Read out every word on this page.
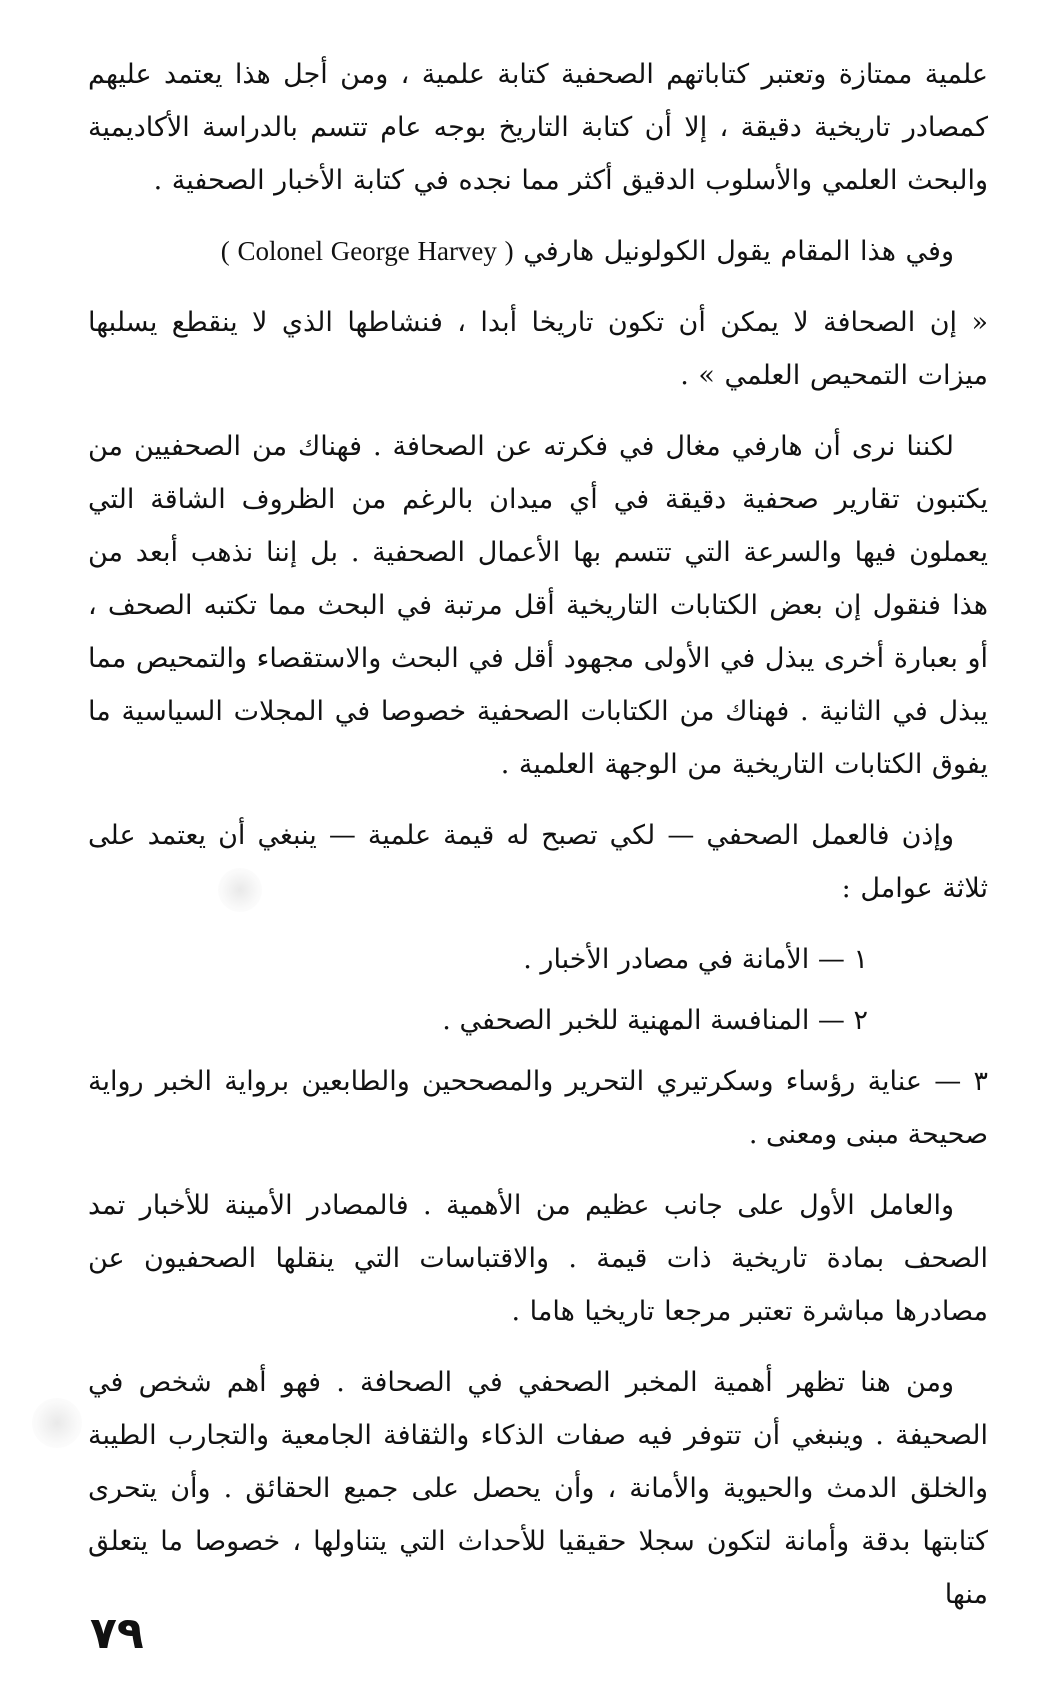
علمية ممتازة وتعتبر كتاباتهم الصحفية كتابة علمية ، ومن أجل هذا يعتمد عليهم كمصادر تاريخية دقيقة ، إلا أن كتابة التاريخ بوجه عام تتسم بالدراسة الأكاديمية والبحث العلمي والأسلوب الدقيق أكثر مما نجده في كتابة الأخبار الصحفية .

وفي هذا المقام يقول الكولونيل هارفي ( Colonel George Harvey )

« إن الصحافة لا يمكن أن تكون تاريخا أبدا ، فنشاطها الذي لا ينقطع يسلبها ميزات التمحيص العلمي » .

لكننا نرى أن هارفي مغال في فكرته عن الصحافة . فهناك من الصحفيين من يكتبون تقارير صحفية دقيقة في أي ميدان بالرغم من الظروف الشاقة التي يعملون فيها والسرعة التي تتسم بها الأعمال الصحفية . بل إننا نذهب أبعد من هذا فنقول إن بعض الكتابات التاريخية أقل مرتبة في البحث مما تكتبه الصحف ، أو بعبارة أخرى يبذل في الأولى مجهود أقل في البحث والاستقصاء والتمحيص مما يبذل في الثانية . فهناك من الكتابات الصحفية خصوصا في المجلات السياسية ما يفوق الكتابات التاريخية من الوجهة العلمية .

وإذن فالعمل الصحفي — لكي تصبح له قيمة علمية — ينبغي أن يعتمد على ثلاثة عوامل :

١ — الأمانة في مصادر الأخبار .
٢ — المنافسة المهنية للخبر الصحفي .
٣ — عناية رؤساء وسكرتيري التحرير والمصححين والطابعين برواية الخبر رواية صحيحة مبنى ومعنى .

والعامل الأول على جانب عظيم من الأهمية . فالمصادر الأمينة للأخبار تمد الصحف بمادة تاريخية ذات قيمة . والاقتباسات التي ينقلها الصحفيون عن مصادرها مباشرة تعتبر مرجعا تاريخيا هاما .

ومن هنا تظهر أهمية المخبر الصحفي في الصحافة . فهو أهم شخص في الصحيفة . وينبغي أن تتوفر فيه صفات الذكاء والثقافة الجامعية والتجارب الطيبة والخلق الدمث والحيوية والأمانة ، وأن يحصل على جميع الحقائق . وأن يتحرى كتابتها بدقة وأمانة لتكون سجلا حقيقيا للأحداث التي يتناولها ، خصوصا ما يتعلق منها

٧٩
